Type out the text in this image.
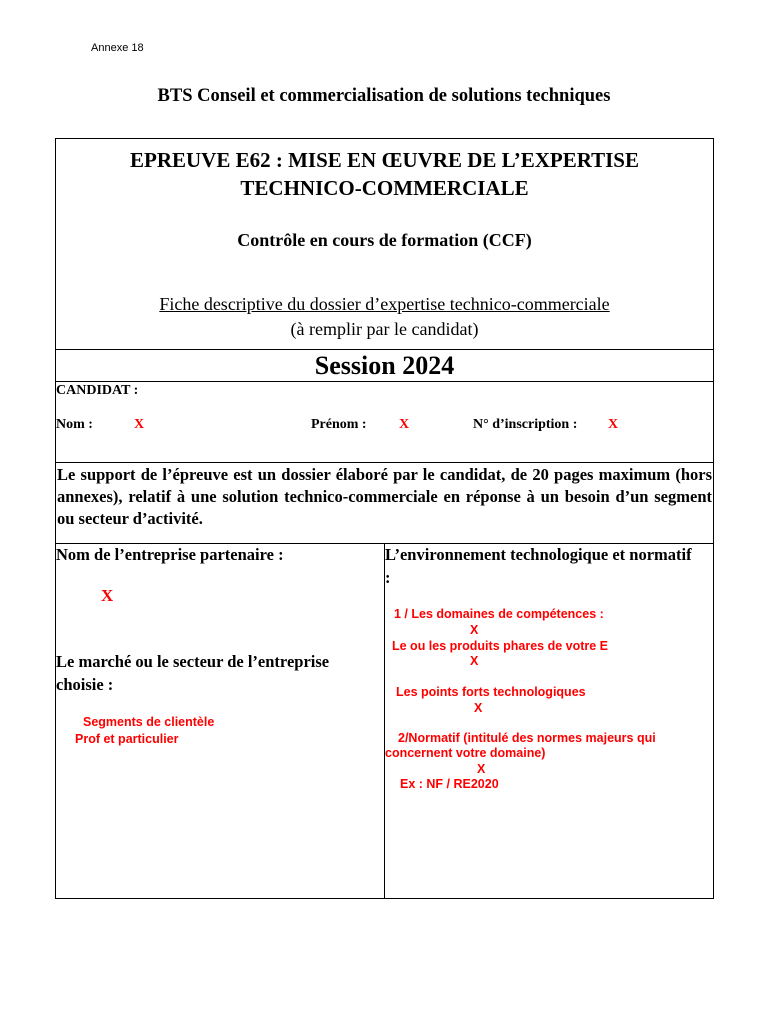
Annexe 18
BTS Conseil et commercialisation de solutions techniques
EPREUVE E62 : MISE EN ŒUVRE DE L’EXPERTISE
TECHNICO-COMMERCIALE
Contrôle en cours de formation (CCF)
Fiche descriptive du dossier d’expertise technico-commerciale
(à remplir par le candidat)
Session 2024
CANDIDAT :
Nom :	X	Prénom : X	N° d’inscription : X
Le support de l’épreuve est un dossier élaboré par le candidat, de 20 pages maximum (hors annexes), relatif à une solution technico-commerciale en réponse à un besoin d’un segment ou secteur d’activité.
Nom de l’entreprise partenaire :
X
Le marché ou le secteur de l’entreprise choisie :
Segments de clientèle
Prof et particulier
L’environnement technologique et normatif :
1 / Les domaines de compétences :
X
Le ou les produits phares de votre E
X
Les points forts technologiques
X
2/Normatif (intitulé des normes majeurs qui
concernent votre domaine)
X
Ex : NF / RE2020
